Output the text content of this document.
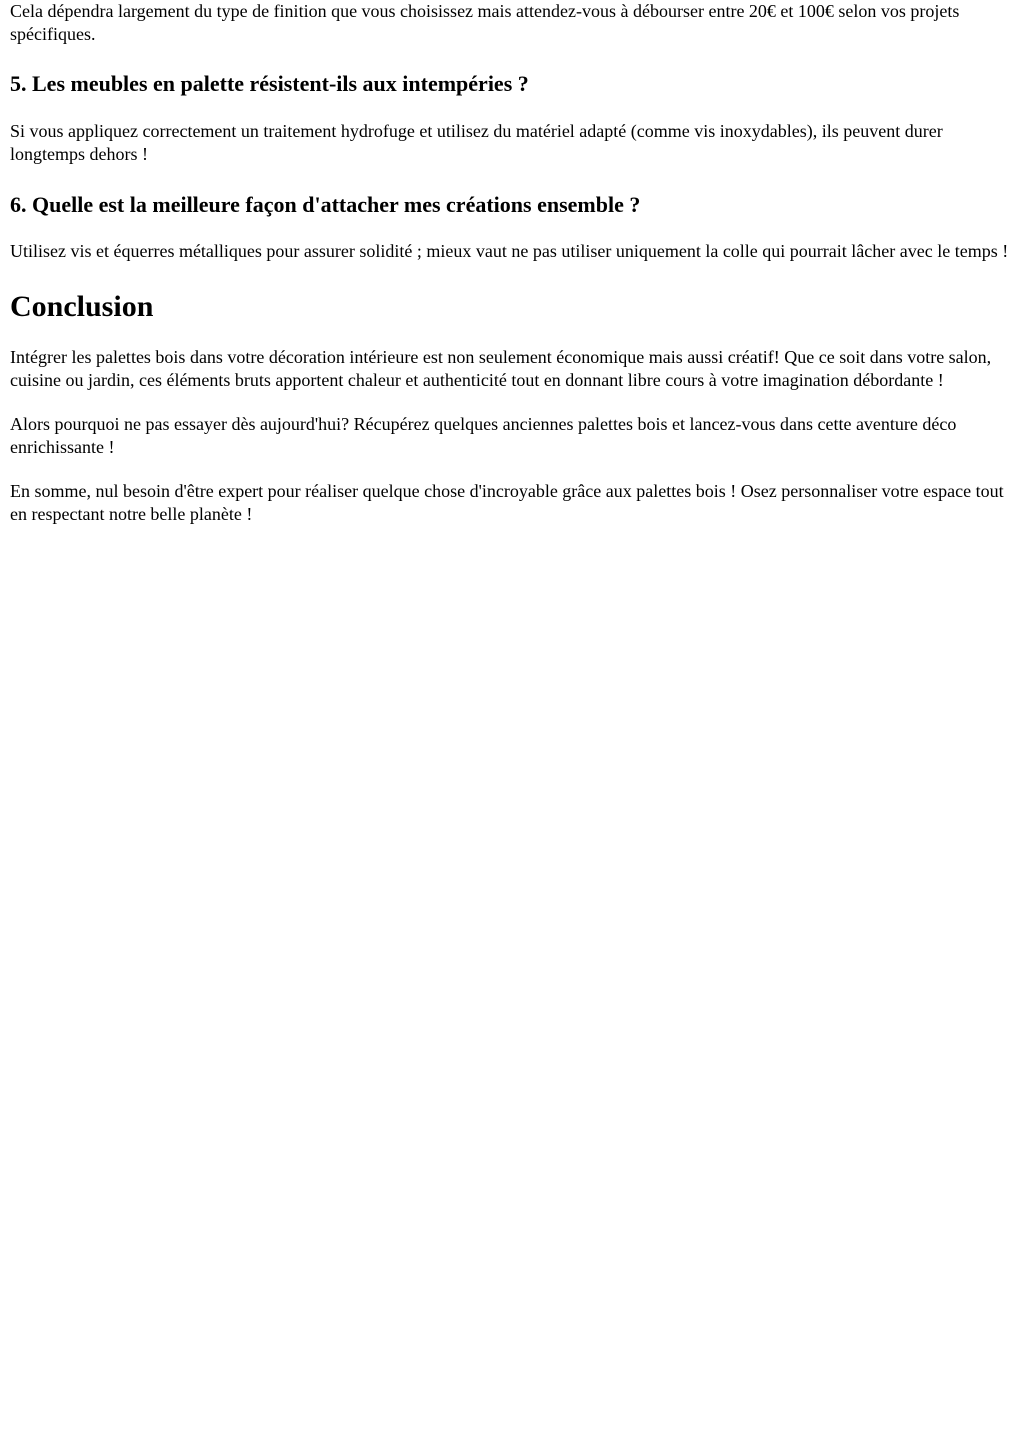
Cela dépendra largement du type de finition que vous choisissez mais attendez-vous à débourser entre 20€ et 100€ selon vos projets spécifiques.

5. Les meubles en palette résistent-ils aux intempéries ?

Si vous appliquez correctement un traitement hydrofuge et utilisez du matériel adapté (comme vis inoxydables), ils peuvent durer longtemps dehors !

6. Quelle est la meilleure façon d'attacher mes créations ensemble ?

Utilisez vis et équerres métalliques pour assurer solidité ; mieux vaut ne pas utiliser uniquement la colle qui pourrait lâcher avec le temps !

Conclusion

Intégrer les palettes bois dans votre décoration intérieure est non seulement économique mais aussi créatif! Que ce soit dans votre salon, cuisine ou jardin, ces éléments bruts apportent chaleur et authenticité tout en donnant libre cours à votre imagination débordante !

Alors pourquoi ne pas essayer dès aujourd'hui? Récupérez quelques anciennes palettes bois et lancez-vous dans cette aventure déco enrichissante !

En somme, nul besoin d'être expert pour réaliser quelque chose d'incroyable grâce aux palettes bois ! Osez personnaliser votre espace tout en respectant notre belle planète !
